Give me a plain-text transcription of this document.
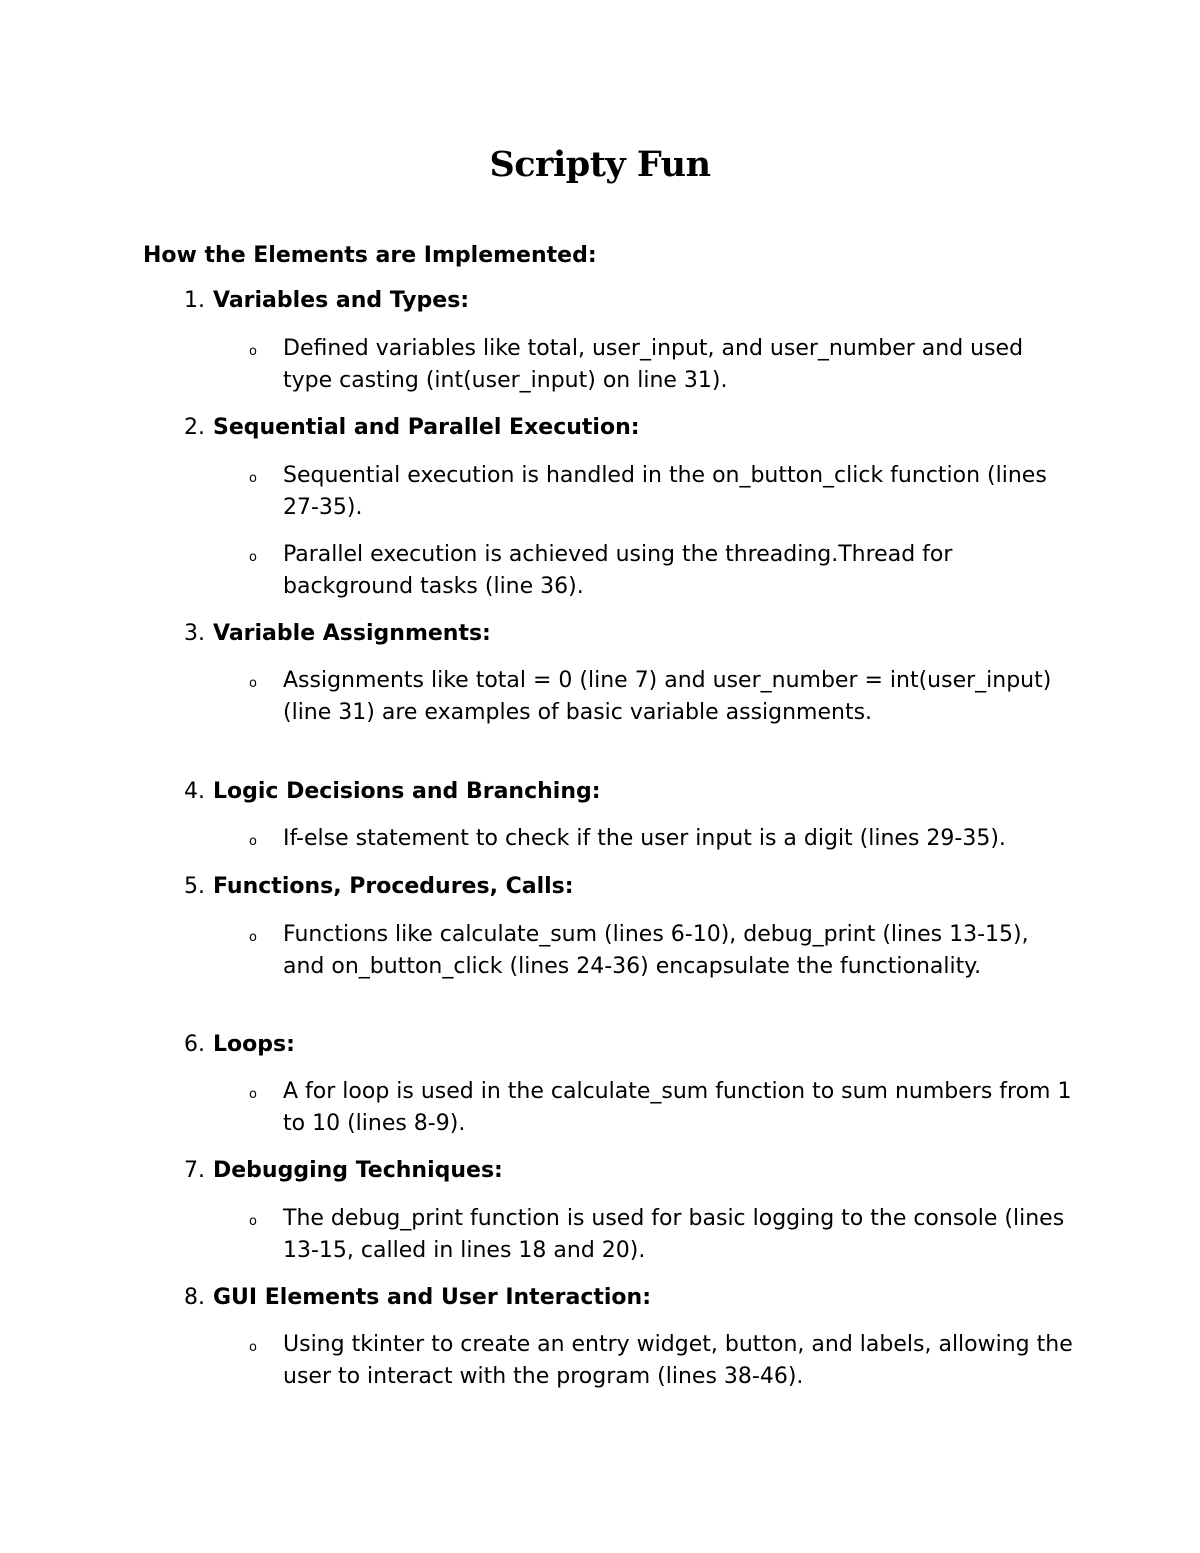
Scripty Fun
How the Elements are Implemented:
1. Variables and Types:
o Defined variables like total, user_input, and user_number and used type casting (int(user_input) on line 31).

2. Sequential and Parallel Execution:
o Sequential execution is handled in the on_button_click function (lines 27-35).

o Parallel execution is achieved using the threading.Thread for background tasks (line 36).

3. Variable Assignments:
o Assignments like total = 0 (line 7) and user_number = int(user_input) (line 31) are examples of basic variable assignments.

4. Logic Decisions and Branching:
o If-else statement to check if the user input is a digit (lines 29-35).

5. Functions, Procedures, Calls:
o Functions like calculate_sum (lines 6-10), debug_print (lines 13-15), and on_button_click (lines 24-36) encapsulate the functionality.

6. Loops:
o A for loop is used in the calculate_sum function to sum numbers from 1 to 10 (lines 8-9).

7. Debugging Techniques:
o The debug_print function is used for basic logging to the console (lines 13-15, called in lines 18 and 20).

8. GUI Elements and User Interaction:
o Using tkinter to create an entry widget, button, and labels, allowing the user to interact with the program (lines 38-46).
